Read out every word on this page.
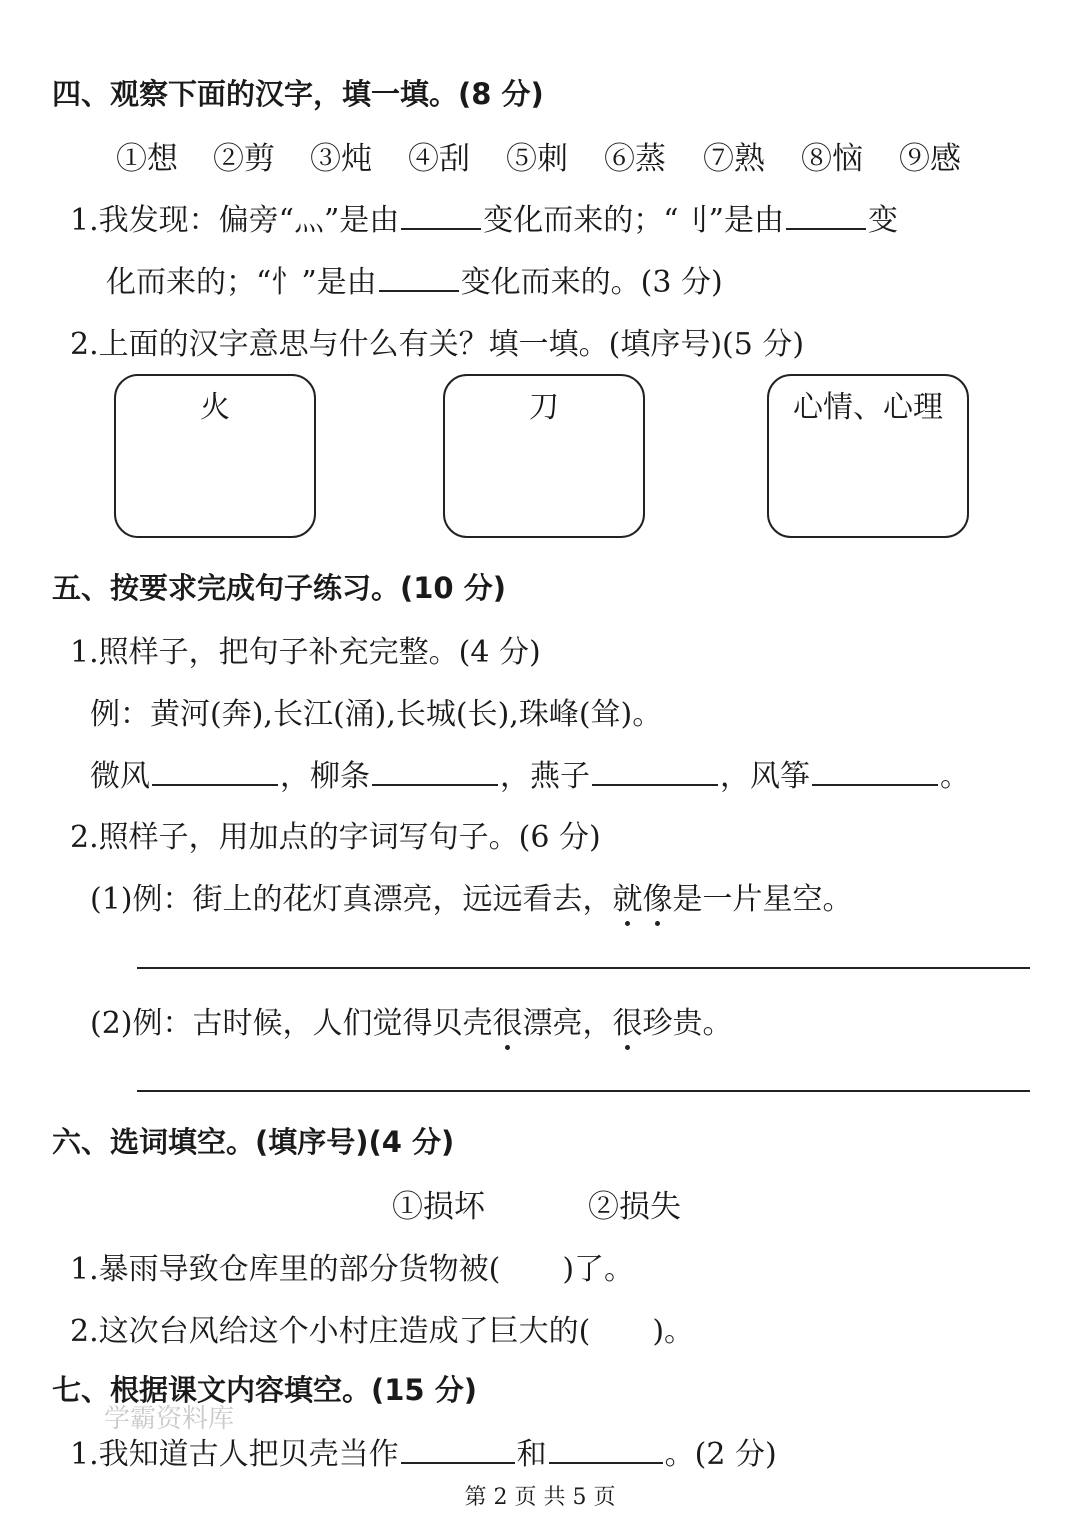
四、观察下面的汉字，填一填。(8 分)
①想 ②剪 ③炖 ④刮 ⑤刺 ⑥蒸 ⑦熟 ⑧恼 ⑨感
1.我发现：偏旁“灬”是由	变化而来的；“刂”是由	变
化而来的；“忄”是由	变化而来的。(3 分)
2.上面的汉字意思与什么有关？填一填。(填序号)(5 分)
火	刀	心情、心理
五、按要求完成句子练习。(10 分)
1.照样子，把句子补充完整。(4 分)
例：黄河(奔),长江(涌),长城(长),珠峰(耸)。
微风	，柳条	，燕子	，风筝	。
2.照样子，用加点的字词写句子。(6 分)
(1)例：街上的花灯真漂亮，远远看去，就像是一片星空。
(2)例：古时候，人们觉得贝壳很漂亮，很珍贵。
六、选词填空。(填序号)(4 分)
①损坏	②损失
1.暴雨导致仓库里的部分货物被( )了。
2.这次台风给这个小村庄造成了巨大的( )。
七、根据课文内容填空。(15 分)
学霸资料库
1.我知道古人把贝壳当作	和	。(2 分)
第 2 页 共 5 页
